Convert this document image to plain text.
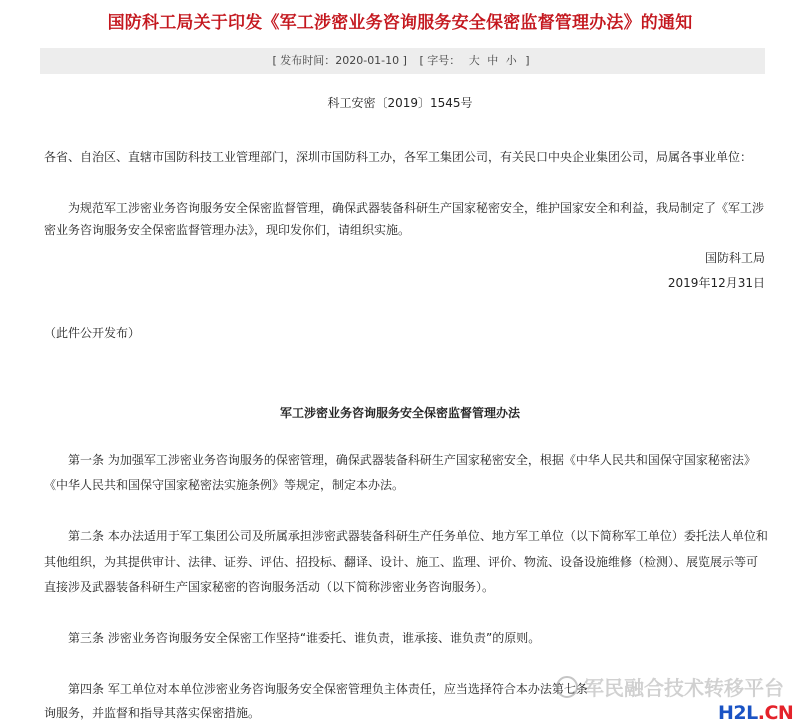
国防科工局关于印发《军工涉密业务咨询服务安全保密监督管理办法》的通知
[ 发布时间：2020-01-10 ] [ 字号： 大 中 小 ]
科工安密〔2019〕1545号
各省、自治区、直辖市国防科技工业管理部门，深圳市国防科工办，各军工集团公司，有关民口中央企业集团公司，局属各事业单位：
为规范军工涉密业务咨询服务安全保密监督管理，确保武器装备科研生产国家秘密安全，维护国家安全和利益，我局制定了《军工涉
密业务咨询服务安全保密监督管理办法》，现印发你们，请组织实施。
国防科工局
2019年12月31日
（此件公开发布）
军工涉密业务咨询服务安全保密监督管理办法
第一条 为加强军工涉密业务咨询服务的保密管理，确保武器装备科研生产国家秘密安全，根据《中华人民共和国保守国家秘密法》
《中华人民共和国保守国家秘密法实施条例》等规定，制定本办法。
第二条 本办法适用于军工集团公司及所属承担涉密武器装备科研生产任务单位、地方军工单位（以下简称军工单位）委托法人单位和
其他组织，为其提供审计、法律、证券、评估、招投标、翻译、设计、施工、监理、评价、物流、设备设施维修（检测）、展览展示等可
直接涉及武器装备科研生产国家秘密的咨询服务活动（以下简称涉密业务咨询服务）。
第三条 涉密业务咨询服务安全保密工作坚持“谁委托、谁负责，谁承接、谁负责”的原则。
第四条 军工单位对本单位涉密业务咨询服务安全保密管理负主体责任，应当选择符合本办法第七条
询服务，并监督和指导其落实保密措施。
军民融合技术转移平台
H2L.CN
